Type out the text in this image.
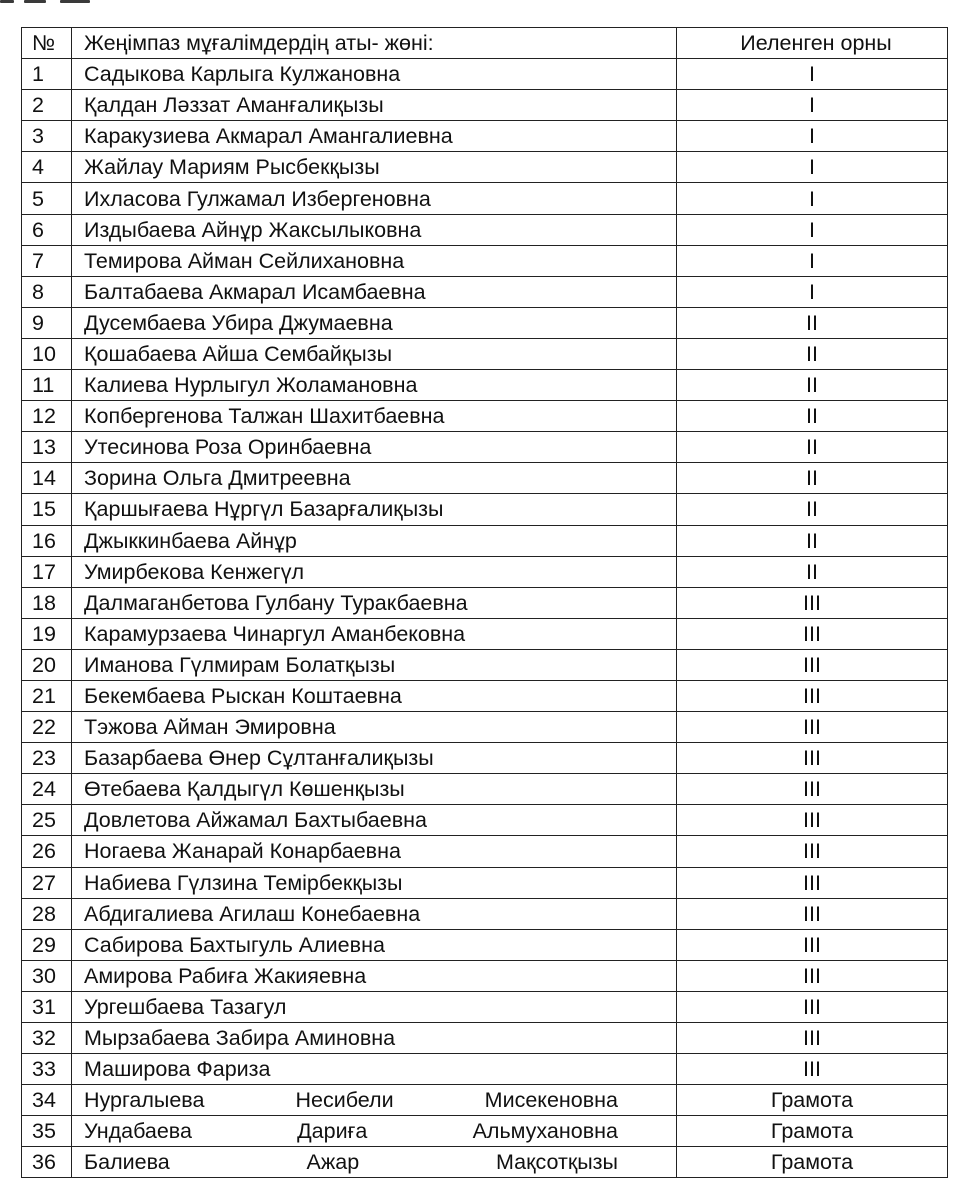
№	Жеңімпаз мұғалімдердің аты- жөні:	Иеленген орны
1	Садыкова Карлыга Кулжановна	I
2	Қалдан Ләззат Аманғалиқызы	I
3	Каракузиева Акмарал Амангалиевна	I
4	Жайлау Мариям Рысбекқызы	I
5	Ихласова Гулжамал Избергеновна	I
6	Издыбаева Айнұр Жаксылыковна	I
7	Темирова Айман Сейлихановна	I
8	Балтабаева Акмарал Исамбаевна	I
9	Дусембаева Убира Джумаевна	II
10	Қошабаева Айша Сембайқызы	II
11	Калиева Нурлыгул Жоламановна	II
12	Копбергенова Талжан Шахитбаевна	II
13	Утесинова Роза Оринбаевна	II
14	Зорина Ольга Дмитреевна	II
15	Қаршығаева Нұргүл Базарғалиқызы	II
16	Джыккинбаева Айнұр	II
17	Умирбекова Кенжегүл	II
18	Далмаганбетова Гулбану Туракбаевна	III
19	Карамурзаева Чинаргул Аманбековна	III
20	Иманова Гүлмирам Болатқызы	III
21	Бекембаева Рыскан Коштаевна	III
22	Тэжова Айман Эмировна	III
23	Базарбаева Өнер Сұлтанғалиқызы	III
24	Өтебаева Қалдыгүл Көшенқызы	III
25	Довлетова Айжамал Бахтыбаевна	III
26	Ногаева Жанарай Конарбаевна	III
27	Набиева Гүлзина Темірбекқызы	III
28	Абдигалиева Агилаш Конебаевна	III
29	Сабирова Бахтыгуль Алиевна	III
30	Амирова Рабиға Жакияевна	III
31	Ургешбаева Тазагул	III
32	Мырзабаева Забира Аминовна	III
33	Маширова Фариза	III
34	Нургалыева Несибели Мисекеновна	Грамота
35	Ундабаева Дариға Альмухановна	Грамота
36	Балиева Ажар Мақсотқызы	Грамота
